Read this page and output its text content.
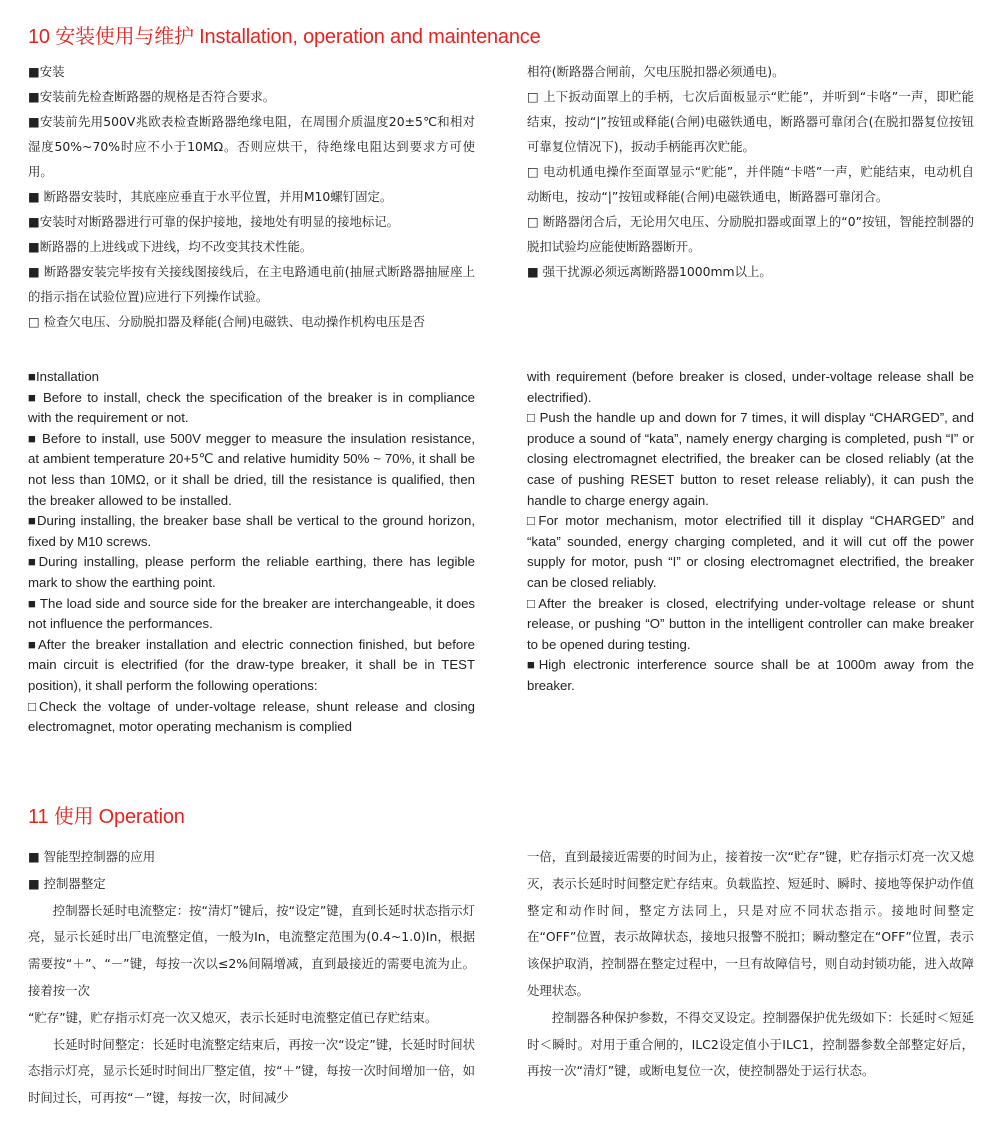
10 安装使用与维护 Installation, operation and maintenance

■安装

■安装前先检查断路器的规格是否符合要求。

■安装前先用500V兆欧表检查断路器绝缘电阻，在周围介质温度20±5℃和相对湿度50%~70%时应不小于10MΩ。否则应烘干，待绝缘电阻达到要求方可使用。

■ 断路器安装时，其底座应垂直于水平位置，并用M10螺钉固定。

■安装时对断路器进行可靠的保护接地，接地处有明显的接地标记。

■断路器的上进线或下进线，均不改变其技术性能。

■ 断路器安装完毕按有关接线图接线后，在主电路通电前(抽屉式断路器抽屉座上的指示指在试验位置)应进行下列操作试验。

□ 检查欠电压、分励脱扣器及释能(合闸)电磁铁、电动操作机构电压是否

相符(断路器合闸前，欠电压脱扣器必须通电)。

□ 上下扳动面罩上的手柄，七次后面板显示“贮能”，并听到“卡咯”一声，即贮能结束，按动“|”按钮或释能(合闸)电磁铁通电，断路器可靠闭合(在脱扣器复位按钮可靠复位情况下)，扳动手柄能再次贮能。

□ 电动机通电操作至面罩显示“贮能”，并伴随“卡嗒”一声，贮能结束，电动机自动断电，按动“|”按钮或释能(合闸)电磁铁通电，断路器可靠闭合。

□ 断路器闭合后，无论用欠电压、分励脱扣器或面罩上的“0”按钮，智能控制器的脱扣试验均应能使断路器断开。

■ 强干扰源必须远离断路器1000mm以上。

■Installation

■ Before to install, check the specification of the breaker is in compliance with the requirement or not.

■ Before to install, use 500V megger to measure the insulation resistance, at ambient temperature 20+5℃ and relative humidity 50% ~ 70%, it shall be not less than 10MΩ, or it shall be dried, till the resistance is qualified, then the breaker allowed to be installed.

■During installing, the breaker base shall be vertical to the ground horizon, fixed by M10 screws.

■During installing, please perform the reliable earthing, there has legible mark to show the earthing point.

■ The load side and source side for the breaker are interchangeable, it does not influence the performances.

■After the breaker installation and electric connection finished, but before main circuit is electrified (for the draw-type breaker, it shall be in TEST position), it shall perform the following operations:

□Check the voltage of under-voltage release, shunt release and closing electromagnet, motor operating mechanism is complied

with requirement (before breaker is closed, under-voltage release shall be electrified).

□ Push the handle up and down for 7 times, it will display “CHARGED”, and produce a sound of “kata”, namely energy charging is completed, push “I” or closing electromagnet electrified, the breaker can be closed reliably (at the case of pushing RESET button to reset release reliably), it can push the handle to charge energy again.

□For motor mechanism, motor electrified till it display “CHARGED” and “kata” sounded, energy charging completed, and it will cut off the power supply for motor, push “I” or closing electromagnet electrified, the breaker can be closed reliably.

□After the breaker is closed, electrifying under-voltage release or shunt release, or pushing “O” button in the intelligent controller can make breaker to be opened during testing.

■High electronic interference source shall be at 1000m away from the breaker.

11 使用 Operation

■ 智能型控制器的应用

■ 控制器整定

控制器长延时电流整定：按“清灯”键后，按“设定”键，直到长延时状态指示灯亮，显示长延时出厂电流整定值，一般为In，电流整定范围为(0.4~1.0)In，根据需要按“＋”、“－”键，每按一次以≤2%间隔增减，直到最接近的需要电流为止。接着按一次

“贮存”键，贮存指示灯亮一次又熄灭，表示长延时电流整定值已存贮结束。

长延时时间整定：长延时电流整定结束后，再按一次“设定”键，长延时时间状态指示灯亮，显示长延时时间出厂整定值，按“＋”键，每按一次时间增加一倍，如时间过长，可再按“－”键，每按一次，时间减少

一倍，直到最接近需要的时间为止，接着按一次“贮存”键，贮存指示灯亮一次又熄灭，表示长延时时间整定贮存结束。负载监控、短延时、瞬时、接地等保护动作值整定和动作时间，整定方法同上，只是对应不同状态指示。接地时间整定在“OFF”位置，表示故障状态，接地只报警不脱扣；瞬动整定在“OFF”位置，表示该保护取消，控制器在整定过程中，一旦有故障信号，则自动封锁功能，进入故障处理状态。

控制器各种保护参数，不得交叉设定。控制器保护优先级如下：长延时＜短延时＜瞬时。对用于重合闸的，ILC2设定值小于ILC1，控制器参数全部整定好后，再按一次“清灯”键，或断电复位一次，使控制器处于运行状态。
